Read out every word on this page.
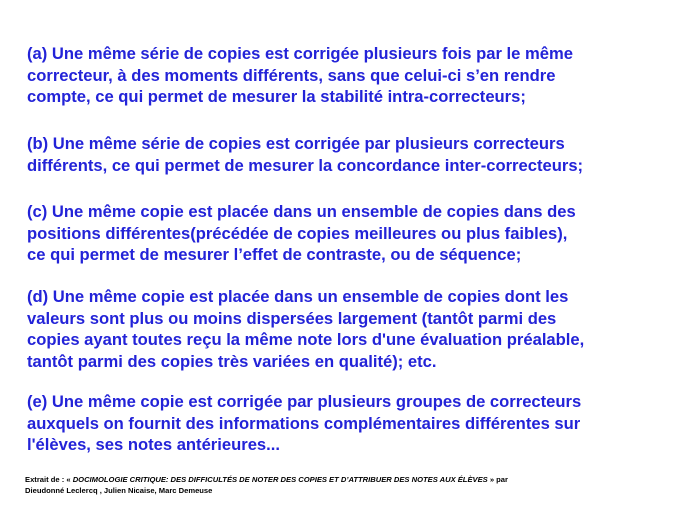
(a) Une même série de copies est corrigée plusieurs fois par le même
correcteur, à des moments différents, sans que celui-ci s’en rendre
compte, ce qui permet de mesurer la stabilité intra-correcteurs;
(b) Une même série de copies est corrigée par plusieurs correcteurs
différents, ce qui permet de mesurer la concordance inter-correcteurs;
(c) Une même copie est placée dans un ensemble de copies dans des
positions différentes(précédée de copies meilleures ou plus faibles),
ce qui permet de mesurer l’effet de contraste, ou de séquence;
(d) Une même copie est placée dans un ensemble de copies dont les
valeurs sont plus ou moins dispersées largement (tantôt parmi des
copies ayant toutes reçu la même note lors d'une évaluation préalable,
tantôt parmi des copies très variées en qualité); etc.
(e) Une même copie est corrigée par plusieurs groupes de correcteurs
auxquels on fournit des informations complémentaires différentes sur
l'élèves, ses notes antérieures...
Extrait de : « DOCIMOLOGIE CRITIQUE: DES DIFFICULTÉS DE NOTER DES COPIES ET D’ATTRIBUER DES NOTES AUX ÉLÈVES » par
Dieudonné Leclercq , Julien Nicaise, Marc Demeuse
